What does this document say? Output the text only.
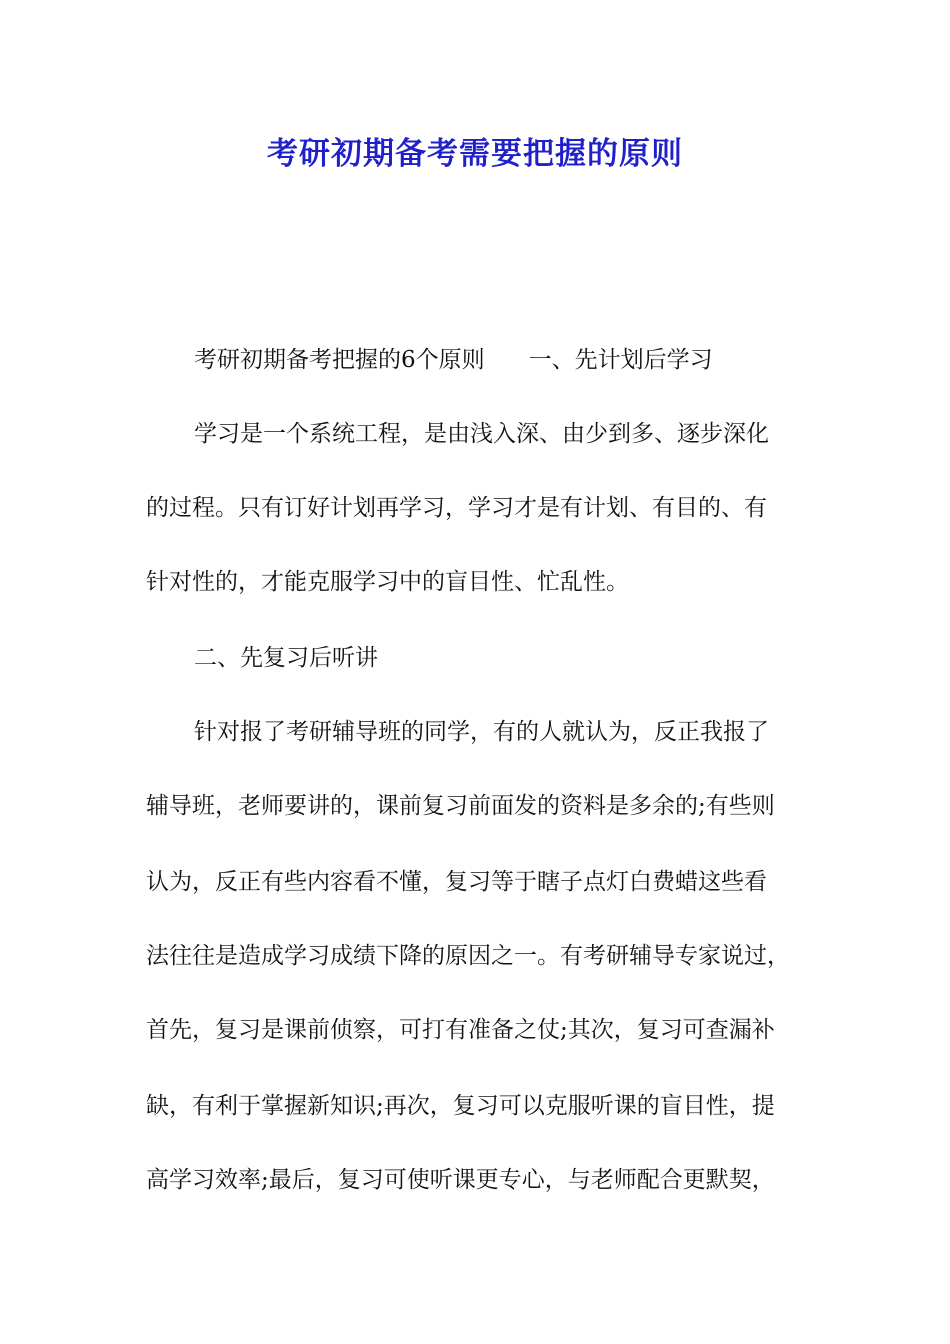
考研初期备考需要把握的原则

考研初期备考把握的6个原则 一、先计划后学习

学习是一个系统工程，是由浅入深、由少到多、逐步深化

的过程。只有订好计划再学习，学习才是有计划、有目的、有

针对性的，才能克服学习中的盲目性、忙乱性。

二、先复习后听讲

针对报了考研辅导班的同学，有的人就认为，反正我报了

辅导班，老师要讲的，课前复习前面发的资料是多余的;有些则

认为，反正有些内容看不懂，复习等于瞎子点灯白费蜡这些看

法往往是造成学习成绩下降的原因之一。有考研辅导专家说过，

首先，复习是课前侦察，可打有准备之仗;其次，复习可查漏补

缺，有利于掌握新知识;再次，复习可以克服听课的盲目性，提

高学习效率;最后，复习可使听课更专心，与老师配合更默契，
